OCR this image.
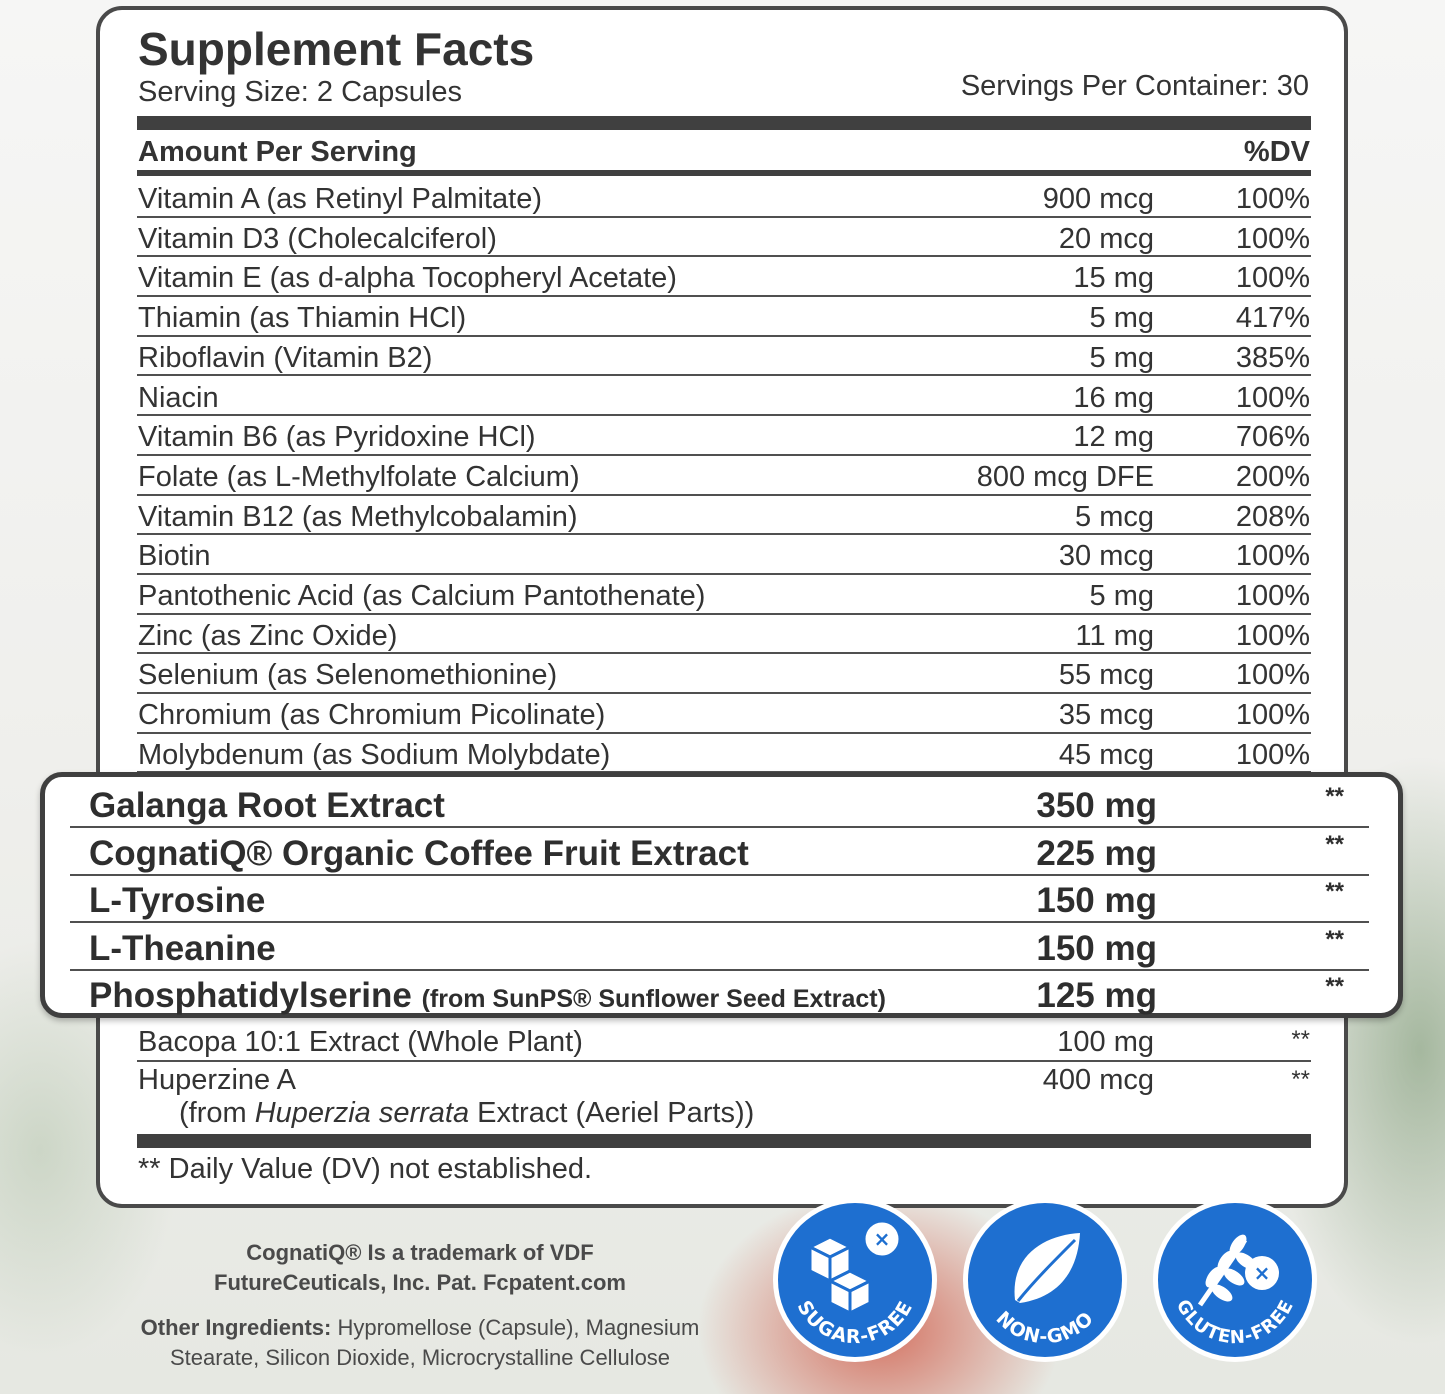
Supplement Facts
Serving Size: 2 Capsules	Servings Per Container: 30
Amount Per Serving	%DV
Vitamin A (as Retinyl Palmitate)	900 mcg	100%
Vitamin D3 (Cholecalciferol)	20 mcg	100%
Vitamin E (as d-alpha Tocopheryl Acetate)	15 mg	100%
Thiamin (as Thiamin HCl)	5 mg	417%
Riboflavin (Vitamin B2)	5 mg	385%
Niacin	16 mg	100%
Vitamin B6 (as Pyridoxine HCl)	12 mg	706%
Folate (as L-Methylfolate Calcium)	800 mcg DFE	200%
Vitamin B12 (as Methylcobalamin)	5 mcg	208%
Biotin	30 mcg	100%
Pantothenic Acid (as Calcium Pantothenate)	5 mg	100%
Zinc (as Zinc Oxide)	11 mg	100%
Selenium (as Selenomethionine)	55 mcg	100%
Chromium (as Chromium Picolinate)	35 mcg	100%
Molybdenum (as Sodium Molybdate)	45 mcg	100%
Galanga Root Extract	350 mg	**
CognatiQ® Organic Coffee Fruit Extract	225 mg	**
L-Tyrosine	150 mg	**
L-Theanine	150 mg	**
Phosphatidylserine (from SunPS® Sunflower Seed Extract)	125 mg	**
Bacopa 10:1 Extract (Whole Plant)	100 mg	**
Huperzine A	400 mcg	**
(from Huperzia serrata Extract (Aeriel Parts))
** Daily Value (DV) not established.
CognatiQ® Is a trademark of VDF
FutureCeuticals, Inc. Pat. Fcpatent.com
Other Ingredients: Hypromellose (Capsule), Magnesium
Stearate, Silicon Dioxide, Microcrystalline Cellulose
×
SUGAR-FREE	NON-GMO
×
GLUTEN-FREE
